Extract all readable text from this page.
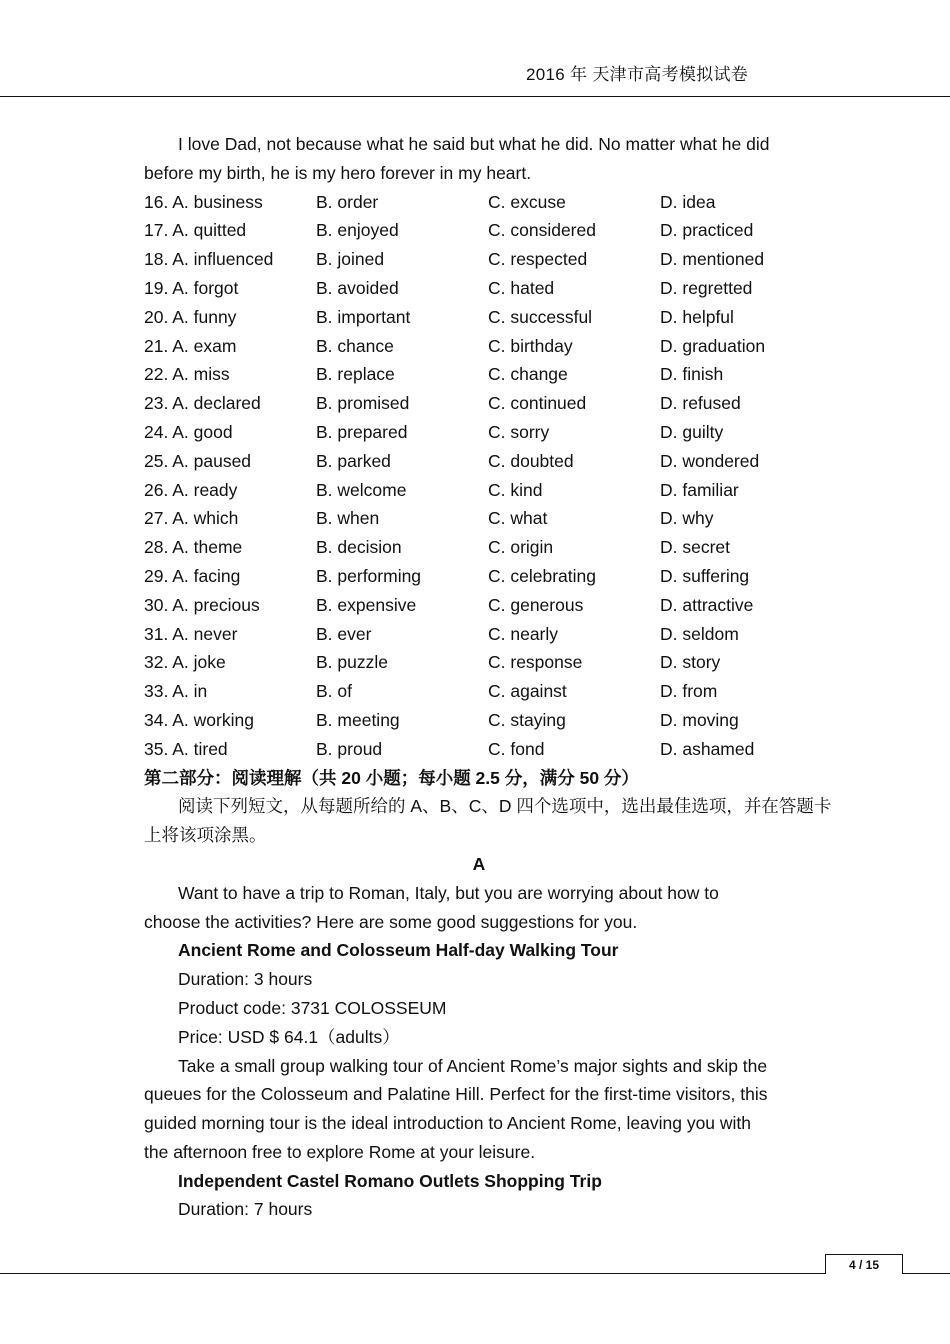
2016 年 天津市高考模拟试卷
I love Dad, not because what he said but what he did. No matter what he did
before my birth, he is my hero forever in my heart.
16. A. business	B. order	C. excuse	D. idea
17. A. quitted	B. enjoyed	C. considered	D. practiced
18. A. influenced	B. joined	C. respected	D. mentioned
19. A. forgot	B. avoided	C. hated	D. regretted
20. A. funny	B. important	C. successful	D. helpful
21. A. exam	B. chance	C. birthday	D. graduation
22. A. miss	B. replace	C. change	D. finish
23. A. declared	B. promised	C. continued	D. refused
24. A. good	B. prepared	C. sorry	D. guilty
25. A. paused	B. parked	C. doubted	D. wondered
26. A. ready	B. welcome	C. kind	D. familiar
27. A. which	B. when	C. what	D. why
28. A. theme	B. decision	C. origin	D. secret
29. A. facing	B. performing	C. celebrating	D. suffering
30. A. precious	B. expensive	C. generous	D. attractive
31. A. never	B. ever	C. nearly	D. seldom
32. A. joke	B. puzzle	C. response	D. story
33. A. in	B. of	C. against	D. from
34. A. working	B. meeting	C. staying	D. moving
35. A. tired	B. proud	C. fond	D. ashamed
第二部分：阅读理解（共 20 小题；每小题 2.5 分，满分 50 分）
阅读下列短文，从每题所给的 A、B、C、D 四个选项中，选出最佳选项，并在答题卡
上将该项涂黑。
A
Want to have a trip to Roman, Italy, but you are worrying about how to
choose the activities? Here are some good suggestions for you.
Ancient Rome and Colosseum Half-day Walking Tour
Duration: 3 hours
Product code: 3731 COLOSSEUM
Price: USD $ 64.1（adults）
Take a small group walking tour of Ancient Rome’s major sights and skip the
queues for the Colosseum and Palatine Hill. Perfect for the first-time visitors, this
guided morning tour is the ideal introduction to Ancient Rome, leaving you with
the afternoon free to explore Rome at your leisure.
Independent Castel Romano Outlets Shopping Trip
Duration: 7 hours
4 / 15
